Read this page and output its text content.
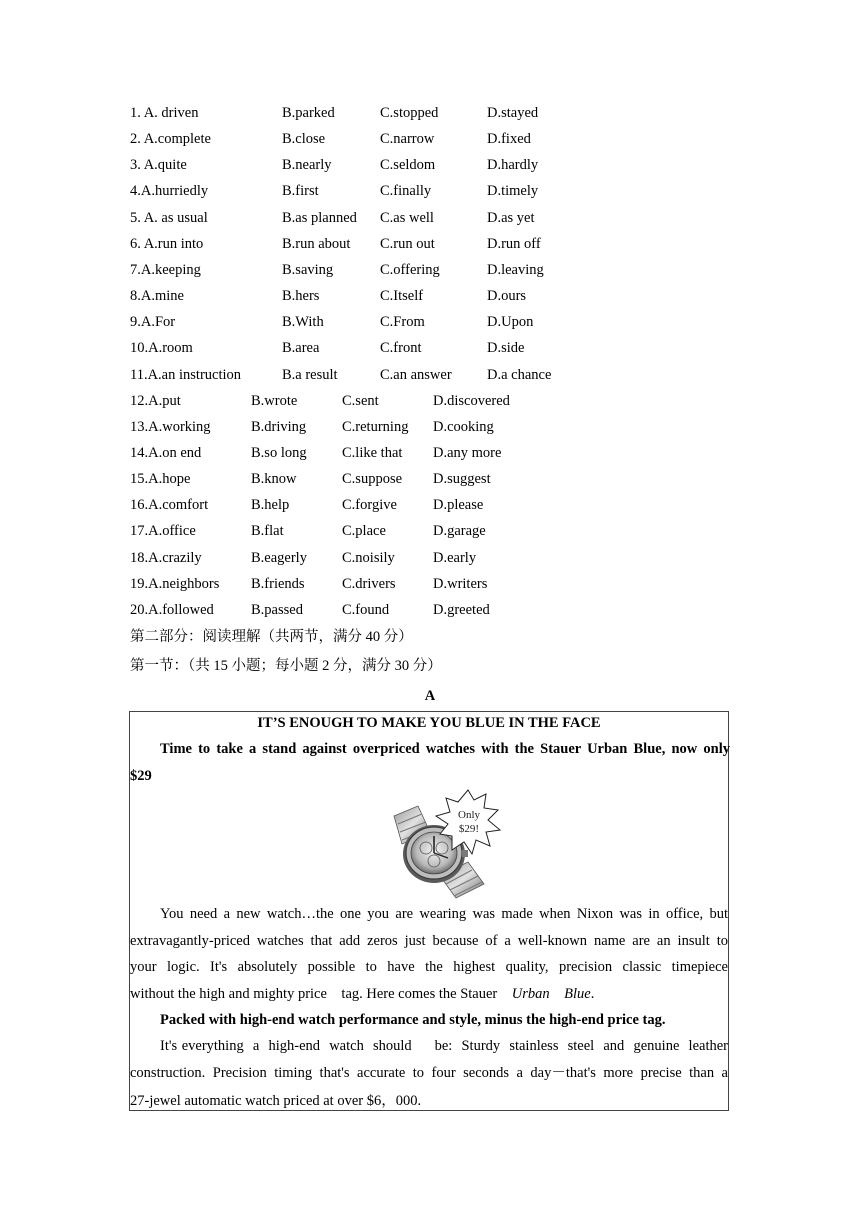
1. A. driven	B.parked	C.stopped	D.stayed
2. A.complete	B.close	C.narrow	D.fixed
3. A.quite	B.nearly	C.seldom	D.hardly
4.A.hurriedly	B.first	C.finally	D.timely
5. A. as usual	B.as planned C.as well	D.as yet
6. A.run into	B.run about C.run out	D.run off
7.A.keeping	B.saving	C.offering	D.leaving
8.A.mine	B.hers	C.Itself	D.ours
9.A.For	B.With	C.From	D.Upon
10.A.room	B.area	C.front	D.side
11.A.an instruction	B.a result	C.an answer D.a chance
12.A.put	B.wrote	C.sent	D.discovered
13.A.working	B.driving C.returning D.cooking
14.A.on end	B.so long C.like that D.any more
15.A.hope	B.know	C.suppose D.suggest
16.A.comfort	B.help	C.forgive D.please
17.A.office	B.flat	C.place	D.garage
18.A.crazily	B.eagerly C.noisily	D.early
19.A.neighbors B.friends	C.drivers	D.writers
20.A.followed	B.passed	C.found	D.greeted
第二部分：阅读理解（共两节，满分 40 分）
第一节：（共 15 小题；每小题 2 分，满分 30 分）
A
IT’S ENOUGH TO MAKE YOU BLUE IN THE FACE
Time to take a stand against overpriced watches with the Stauer Urban Blue, now only
$29
Only
$29!
You need a new watch…the one you are wearing was made when Nixon was in office, but
extravagantly-priced watches that add zeros just because of a well-known name are an insult to
your logic. It's absolutely possible to have the highest quality, precision classic timepiece
without the high and mighty price    tag. Here comes the Stauer    Urban    Blue.
Packed with high-end watch performance and style, minus the high-end price tag.
It's everything  a  high-end  watch  should     be:  Sturdy  stainless  steel  and  genuine  leather
construction. Precision timing that's accurate to four seconds a day－that's more precise than a
27-jewel automatic watch priced at over $6，000.
